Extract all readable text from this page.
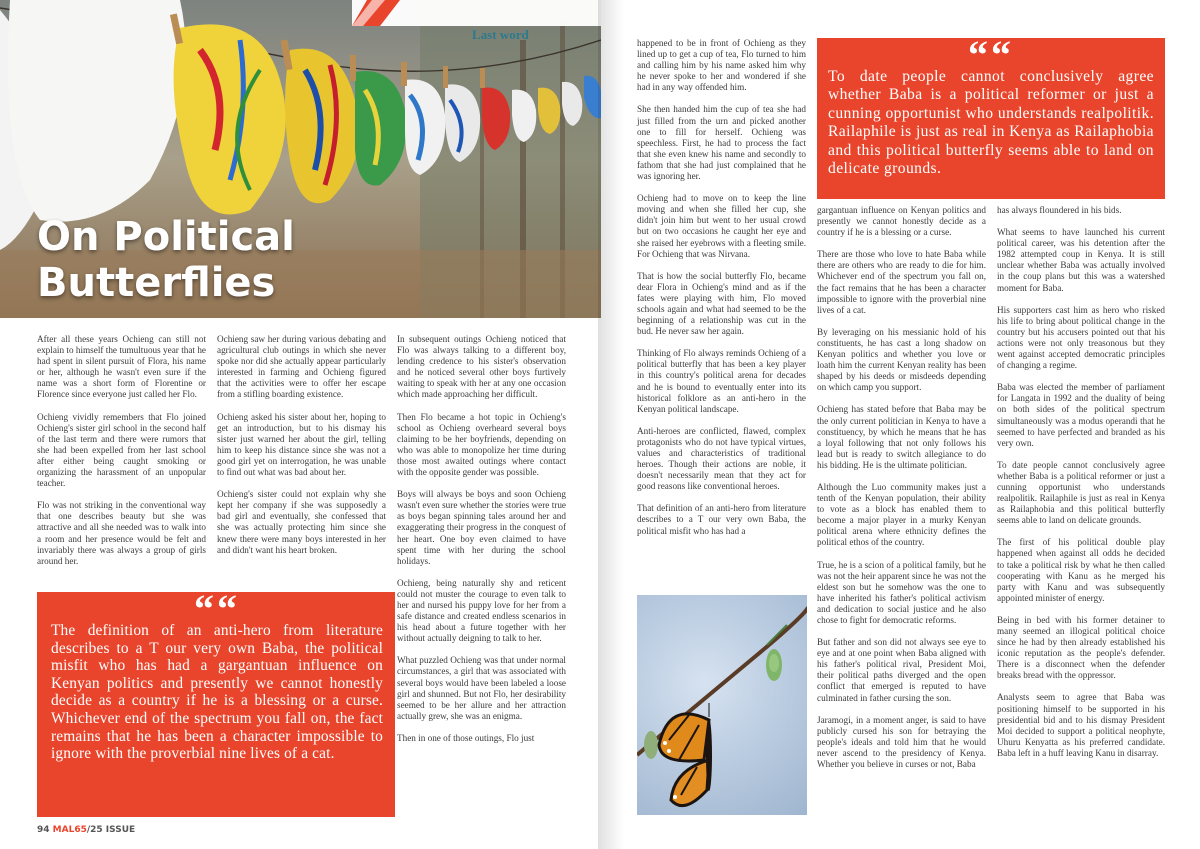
On Political
Butterflies
Last word

After all these years Ochieng can still not explain to himself the tumultuous year that he had spent in silent pursuit of Flora, his name or her, although he wasn't even sure if the name was a short form of Florentine or Florence since everyone just called her Flo.

Ochieng vividly remembers that Flo joined Ochieng's sister girl school in the second half of the last term and there were rumors that she had been expelled from her last school after either being caught smoking or organizing the harassment of an unpopular teacher.

Flo was not striking in the conventional way that one describes beauty but she was attractive and all she needed was to walk into a room and her presence would be felt and invariably there was always a group of girls around her.

Ochieng saw her during various debating and agricultural club outings in which she never spoke nor did she actually appear particularly interested in farming and Ochieng figured that the activities were to offer her escape from a stifling boarding existence.

Ochieng asked his sister about her, hoping to get an introduction, but to his dismay his sister just warned her about the girl, telling him to keep his distance since she was not a good girl yet on interrogation, he was unable to find out what was bad about her.

Ochieng's sister could not explain why she kept her company if she was supposedly a bad girl and eventually, she confessed that she was actually protecting him since she knew there were many boys interested in her and didn't want his heart broken.

In subsequent outings Ochieng noticed that Flo was always talking to a different boy, lending credence to his sister's observation and he noticed several other boys furtively waiting to speak with her at any one occasion which made approaching her difficult.

Then Flo became a hot topic in Ochieng's school as Ochieng overheard several boys claiming to be her boyfriends, depending on who was able to monopolize her time during those most awaited outings where contact with the opposite gender was possible.

Boys will always be boys and soon Ochieng wasn't even sure whether the stories were true as boys began spinning tales around her and exaggerating their progress in the conquest of her heart. One boy even claimed to have spent time with her during the school holidays.

Ochieng, being naturally shy and reticent could not muster the courage to even talk to her and nursed his puppy love for her from a safe distance and created endless scenarios in his head about a future together with her without actually deigning to talk to her.

What puzzled Ochieng was that under normal circumstances, a girl that was associated with several boys would have been labeled a loose girl and shunned. But not Flo, her desirability seemed to be her allure and her attraction actually grew, she was an enigma.

Then in one of those outings, Flo just

““
The definition of an anti-hero from literature describes to a T our very own Baba, the political misfit who has had a gargantuan influence on Kenyan politics and presently we cannot honestly decide as a country if he is a blessing or a curse. Whichever end of the spectrum you fall on, the fact remains that he has been a character impossible to ignore with the proverbial nine lives of a cat.

happened to be in front of Ochieng as they lined up to get a cup of tea, Flo turned to him and calling him by his name asked him why he never spoke to her and wondered if she had in any way offended him.

She then handed him the cup of tea she had just filled from the urn and picked another one to fill for herself. Ochieng was speechless. First, he had to process the fact that she even knew his name and secondly to fathom that she had just complained that he was ignoring her.

Ochieng had to move on to keep the line moving and when she filled her cup, she didn't join him but went to her usual crowd but on two occasions he caught her eye and she raised her eyebrows with a fleeting smile. For Ochieng that was Nirvana.

That is how the social butterfly Flo, became dear Flora in Ochieng's mind and as if the fates were playing with him, Flo moved schools again and what had seemed to be the beginning of a relationship was cut in the bud. He never saw her again.

Thinking of Flo always reminds Ochieng of a political butterfly that has been a key player in this country's political arena for decades and he is bound to eventually enter into its historical folklore as an anti-hero in the Kenyan political landscape.

Anti-heroes are conflicted, flawed, complex protagonists who do not have typical virtues, values and characteristics of traditional heroes. Though their actions are noble, it doesn't necessarily mean that they act for good reasons like conventional heroes.

That definition of an anti-hero from literature describes to a T our very own Baba, the political misfit who has had a

““
To date people cannot conclusively agree whether Baba is a political reformer or just a cunning opportunist who understands realpolitik. Railaphile is just as real in Kenya as Railaphobia and this political butterfly seems able to land on delicate grounds.

gargantuan influence on Kenyan politics and presently we cannot honestly decide as a country if he is a blessing or a curse.

There are those who love to hate Baba while there are others who are ready to die for him. Whichever end of the spectrum you fall on, the fact remains that he has been a character impossible to ignore with the proverbial nine lives of a cat.

By leveraging on his messianic hold of his constituents, he has cast a long shadow on Kenyan politics and whether you love or loath him the current Kenyan reality has been shaped by his deeds or misdeeds depending on which camp you support.

Ochieng has stated before that Baba may be the only current politician in Kenya to have a constituency, by which he means that he has a loyal following that not only follows his lead but is ready to switch allegiance to do his bidding. He is the ultimate politician.

Although the Luo community makes just a tenth of the Kenyan population, their ability to vote as a block has enabled them to become a major player in a murky Kenyan political arena where ethnicity defines the political ethos of the country.

True, he is a scion of a political family, but he was not the heir apparent since he was not the eldest son but he somehow was the one to have inherited his father's political activism and dedication to social justice and he also chose to fight for democratic reforms.

But father and son did not always see eye to eye and at one point when Baba aligned with his father's political rival, President Moi, their political paths diverged and the open conflict that emerged is reputed to have culminated in father cursing the son.

Jaramogi, in a moment anger, is said to have publicly cursed his son for betraying the people's ideals and told him that he would never ascend to the presidency of Kenya. Whether you believe in curses or not, Baba

has always floundered in his bids.

What seems to have launched his current political career, was his detention after the 1982 attempted coup in Kenya. It is still unclear whether Baba was actually involved in the coup plans but this was a watershed moment for Baba.

His supporters cast him as hero who risked his life to bring about political change in the country but his accusers pointed out that his actions were not only treasonous but they went against accepted democratic principles of changing a regime.

Baba was elected the member of parliament for Langata in 1992 and the duality of being on both sides of the political spectrum simultaneously was a modus operandi that he seemed to have perfected and branded as his very own.

To date people cannot conclusively agree whether Baba is a political reformer or just a cunning opportunist who understands realpolitik. Railaphile is just as real in Kenya as Railaphobia and this political butterfly seems able to land on delicate grounds.

The first of his political double play happened when against all odds he decided to take a political risk by what he then called cooperating with Kanu as he merged his party with Kanu and was subsequently appointed minister of energy.

Being in bed with his former detainer to many seemed an illogical political choice since he had by then already established his iconic reputation as the people's defender. There is a disconnect when the defender breaks bread with the oppressor.

Analysts seem to agree that Baba was positioning himself to be supported in his presidential bid and to his dismay President Moi decided to support a political neophyte, Uhuru Kenyatta as his preferred candidate. Baba left in a huff leaving Kanu in disarray.

94 MAL65/25 ISSUE
